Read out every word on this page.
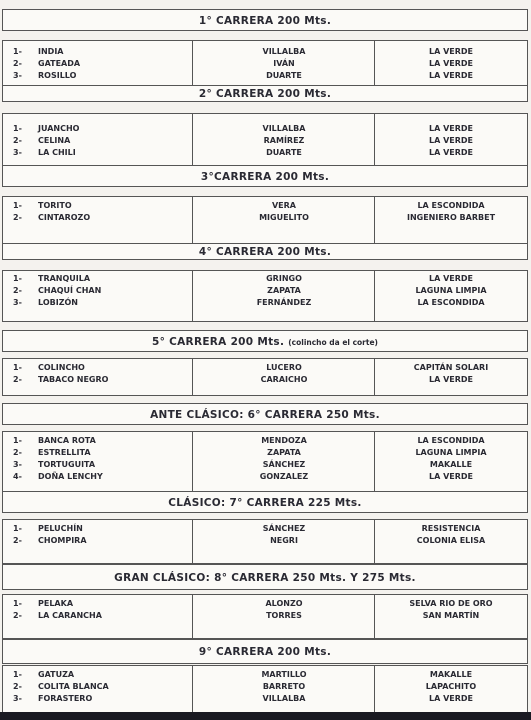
1° CARRERA 200 Mts.
1-	INDIA	VILLALBA	LA VERDE
2-	GATEADA	IVÁN	LA VERDE
3-	ROSILLO	DUARTE	LA VERDE
2° CARRERA 200 Mts.
1-	JUANCHO	VILLALBA	LA VERDE
2-	CELINA	RAMÍREZ	LA VERDE
3-	LA CHILI	DUARTE	LA VERDE
3°CARRERA 200 Mts.
1-	TORITO	VERA	LA ESCONDIDA
2-	CINTAROZO	MIGUELITO	INGENIERO BARBET
4° CARRERA 200 Mts.
1-	TRANQUILA	GRINGO	LA VERDE
2-	CHAQUÍ CHAN	ZAPATA	LAGUNA LIMPIA
3-	LOBIZÓN	FERNÁNDEZ	LA ESCONDIDA
5° CARRERA 200 Mts. (colincho da el corte)
1-	COLINCHO	LUCERO	CAPITÁN SOLARI
2-	TABACO NEGRO	CARAICHO	LA VERDE
ANTE CLÁSICO: 6° CARRERA 250 Mts.
1-	BANCA ROTA	MENDOZA	LA ESCONDIDA
2-	ESTRELLITA	ZAPATA	LAGUNA LIMPIA
3-	TORTUGUITA	SÁNCHEZ	MAKALLE
4-	DOÑA LENCHY	GONZALEZ	LA VERDE
CLÁSICO: 7° CARRERA 225 Mts.
1-	PELUCHÍN	SÁNCHEZ	RESISTENCIA
2-	CHOMPIRA	NEGRI	COLONIA ELISA
GRAN CLÁSICO: 8° CARRERA 250 Mts. Y 275 Mts.
1-	PELAKA	ALONZO	SELVA RIO DE ORO
2-	LA CARANCHA	TORRES	SAN MARTÍN
9° CARRERA 200 Mts.
1-	GATUZA	MARTILLO	MAKALLE
2-	COLITA BLANCA	BARRETO	LAPACHITO
3-	FORASTERO	VILLALBA	LA VERDE
